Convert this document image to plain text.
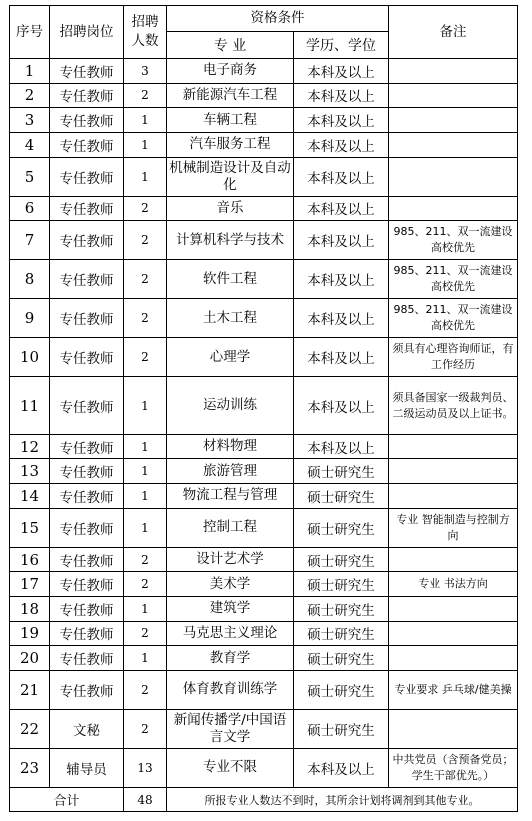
序号	招聘岗位	招聘人数	资格条件		备注
			专 业	学历、学位	
1	专任教师	3	电子商务	本科及以上	
2	专任教师	2	新能源汽车工程	本科及以上	
3	专任教师	1	车辆工程	本科及以上	
4	专任教师	1	汽车服务工程	本科及以上	
5	专任教师	1	机械制造设计及自动化	本科及以上	
6	专任教师	2	音乐	本科及以上	
7	专任教师	2	计算机科学与技术	本科及以上	985、211、双一流建设高校优先
8	专任教师	2	软件工程	本科及以上	985、211、双一流建设高校优先
9	专任教师	2	土木工程	本科及以上	985、211、双一流建设高校优先
10	专任教师	2	心理学	本科及以上	须具有心理咨询师证，有工作经历
11	专任教师	1	运动训练	本科及以上	须具备国家一级裁判员、二级运动员及以上证书。
12	专任教师	1	材料物理	本科及以上	
13	专任教师	1	旅游管理	硕士研究生	
14	专任教师	1	物流工程与管理	硕士研究生	
15	专任教师	1	控制工程	硕士研究生	专业 智能制造与控制方向
16	专任教师	2	设计艺术学	硕士研究生	
17	专任教师	2	美术学	硕士研究生	专业 书法方向
18	专任教师	1	建筑学	硕士研究生	
19	专任教师	2	马克思主义理论	硕士研究生	
20	专任教师	1	教育学	硕士研究生	
21	专任教师	2	体育教育训练学	硕士研究生	专业要求 乒乓球/健美操
22	文秘	2	新闻传播学/中国语言文学	硕士研究生	
23	辅导员	13	专业不限	本科及以上	中共党员（含预备党员；学生干部优先。）
合计		48	所报专业人数达不到时，其所余计划将调剂到其他专业。		
